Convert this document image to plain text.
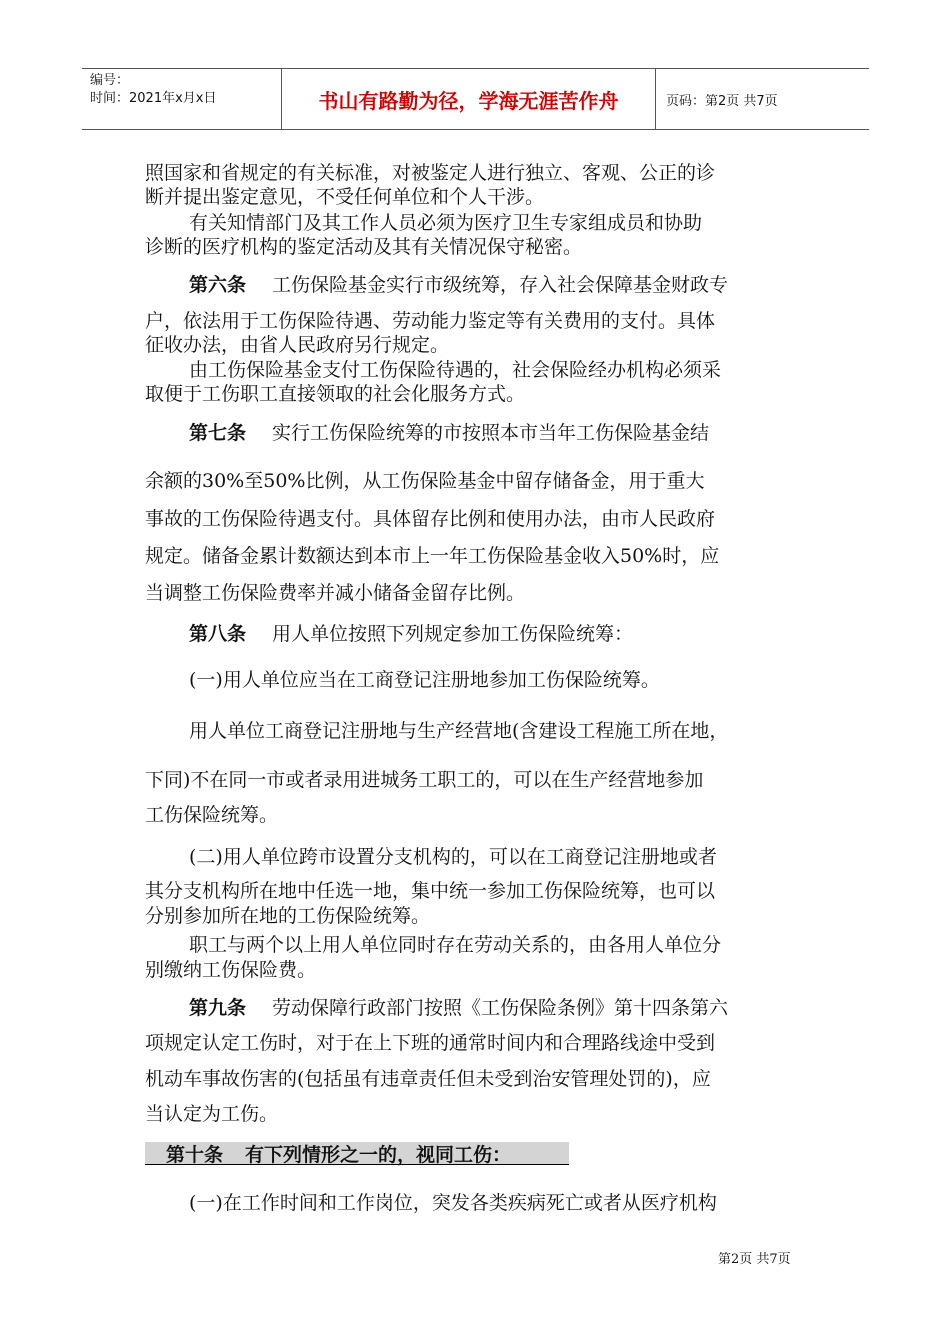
编号：
时间：2021年x月x日	书山有路勤为径，学海无涯苦作舟	页码：第2页 共7页
照国家和省规定的有关标准，对被鉴定人进行独立、客观、公正的诊
断并提出鉴定意见，不受任何单位和个人干涉。
有关知情部门及其工作人员必须为医疗卫生专家组成员和协助
诊断的医疗机构的鉴定活动及其有关情况保守秘密。
第六条 工伤保险基金实行市级统筹，存入社会保障基金财政专
户，依法用于工伤保险待遇、劳动能力鉴定等有关费用的支付。具体
征收办法，由省人民政府另行规定。
由工伤保险基金支付工伤保险待遇的，社会保险经办机构必须采
取便于工伤职工直接领取的社会化服务方式。
第七条 实行工伤保险统筹的市按照本市当年工伤保险基金结
余额的30%至50%比例，从工伤保险基金中留存储备金，用于重大
事故的工伤保险待遇支付。具体留存比例和使用办法，由市人民政府
规定。储备金累计数额达到本市上一年工伤保险基金收入50%时，应
当调整工伤保险费率并减小储备金留存比例。
第八条 用人单位按照下列规定参加工伤保险统筹：
(一)用人单位应当在工商登记注册地参加工伤保险统筹。
用人单位工商登记注册地与生产经营地(含建设工程施工所在地，
下同)不在同一市或者录用进城务工职工的，可以在生产经营地参加
工伤保险统筹。
(二)用人单位跨市设置分支机构的，可以在工商登记注册地或者
其分支机构所在地中任选一地，集中统一参加工伤保险统筹，也可以
分别参加所在地的工伤保险统筹。
职工与两个以上用人单位同时存在劳动关系的，由各用人单位分
别缴纳工伤保险费。
第九条 劳动保障行政部门按照《工伤保险条例》第十四条第六
项规定认定工伤时，对于在上下班的通常时间内和合理路线途中受到
机动车事故伤害的(包括虽有违章责任但未受到治安管理处罚的)，应
当认定为工伤。
第十条 有下列情形之一的，视同工伤：
(一)在工作时间和工作岗位，突发各类疾病死亡或者从医疗机构
第2页 共7页
